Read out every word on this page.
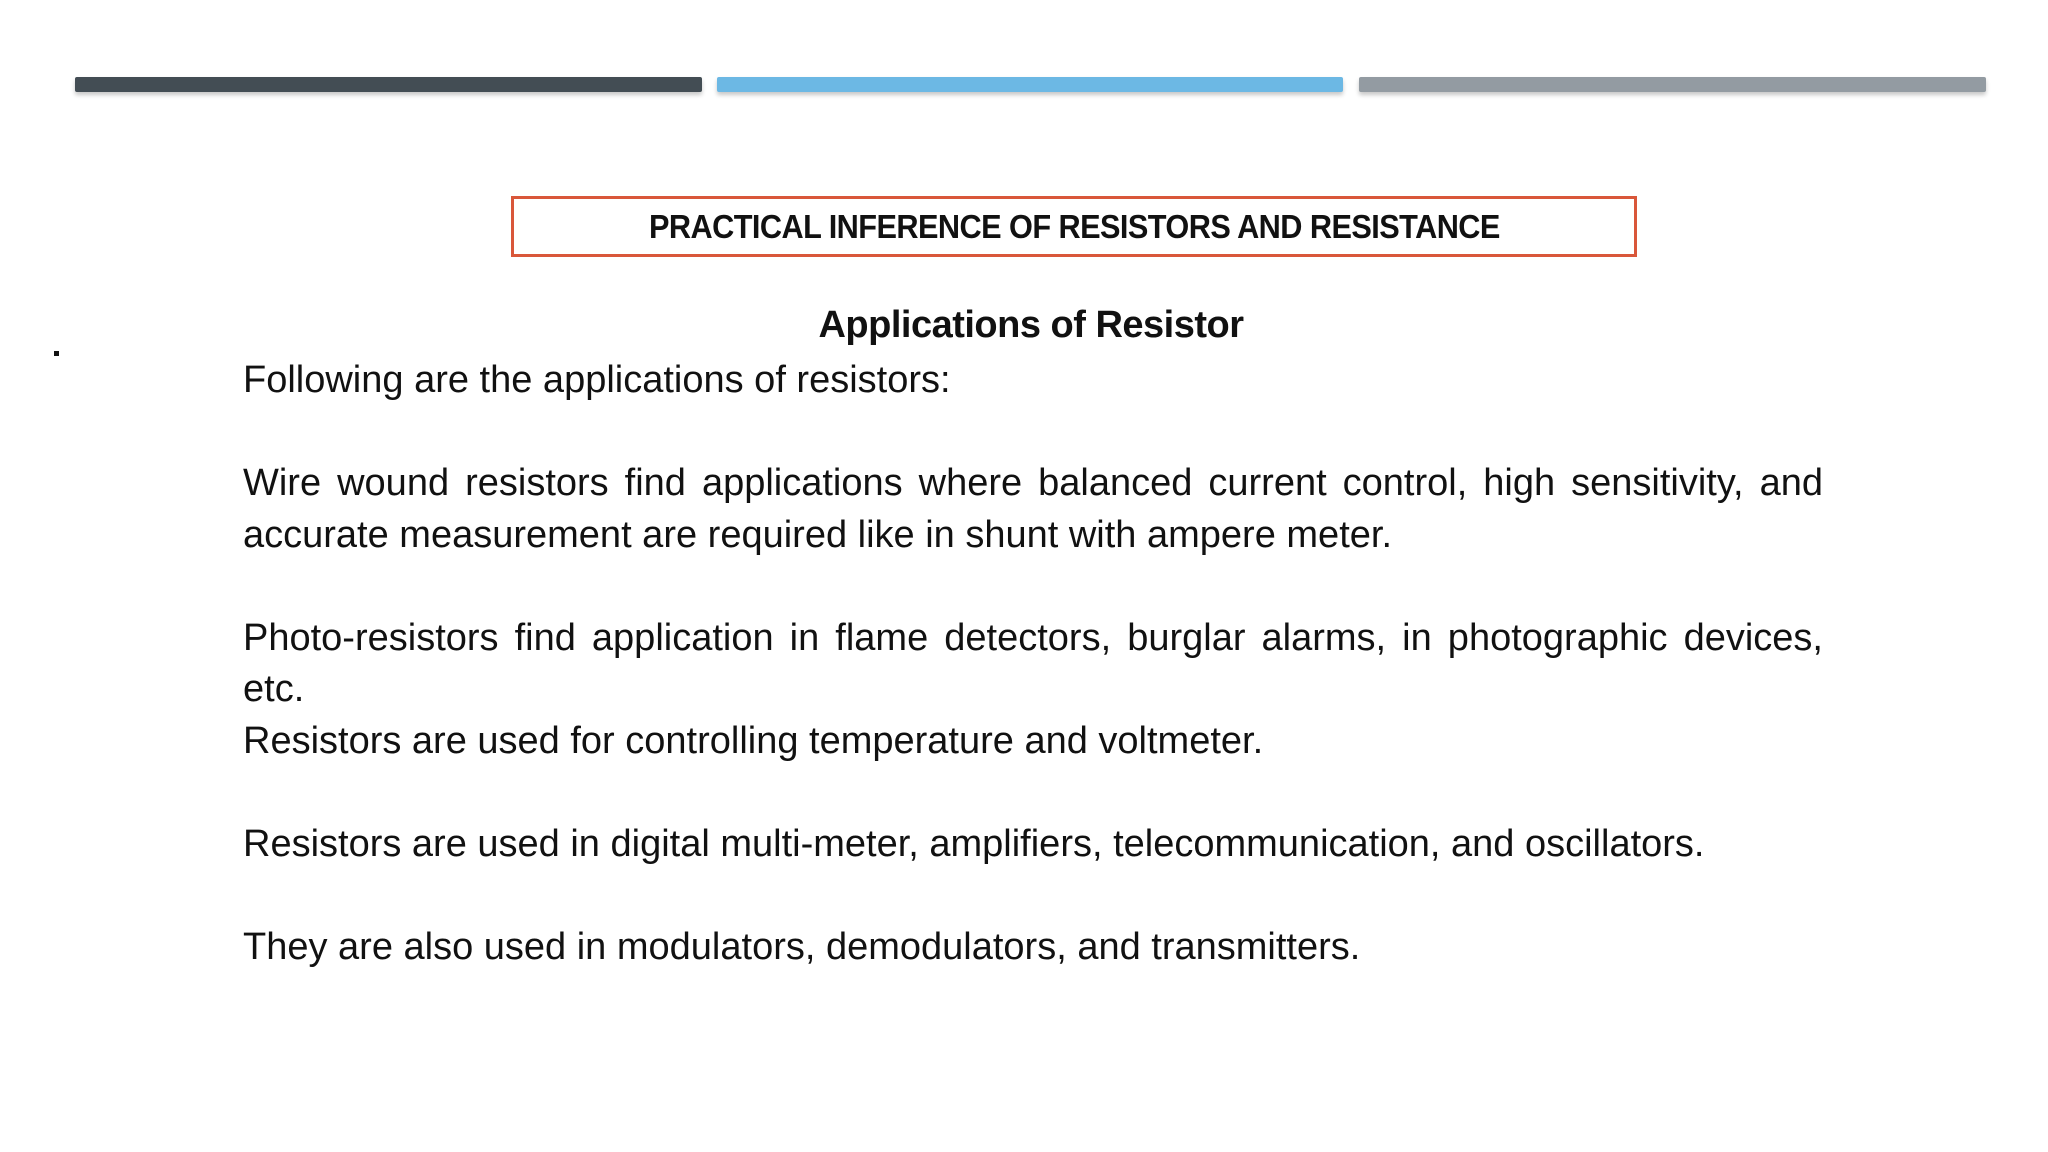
PRACTICAL INFERENCE OF RESISTORS AND RESISTANCE
Applications of Resistor

Following are the applications of resistors:

Wire wound resistors find applications where balanced current control, high sensitivity, and accurate measurement are required like in shunt with ampere meter.

Photo-resistors find application in flame detectors, burglar alarms, in photographic devices, etc.

Resistors are used for controlling temperature and voltmeter.

Resistors are used in digital multi-meter, amplifiers, telecommunication, and oscillators.

They are also used in modulators, demodulators, and transmitters.
